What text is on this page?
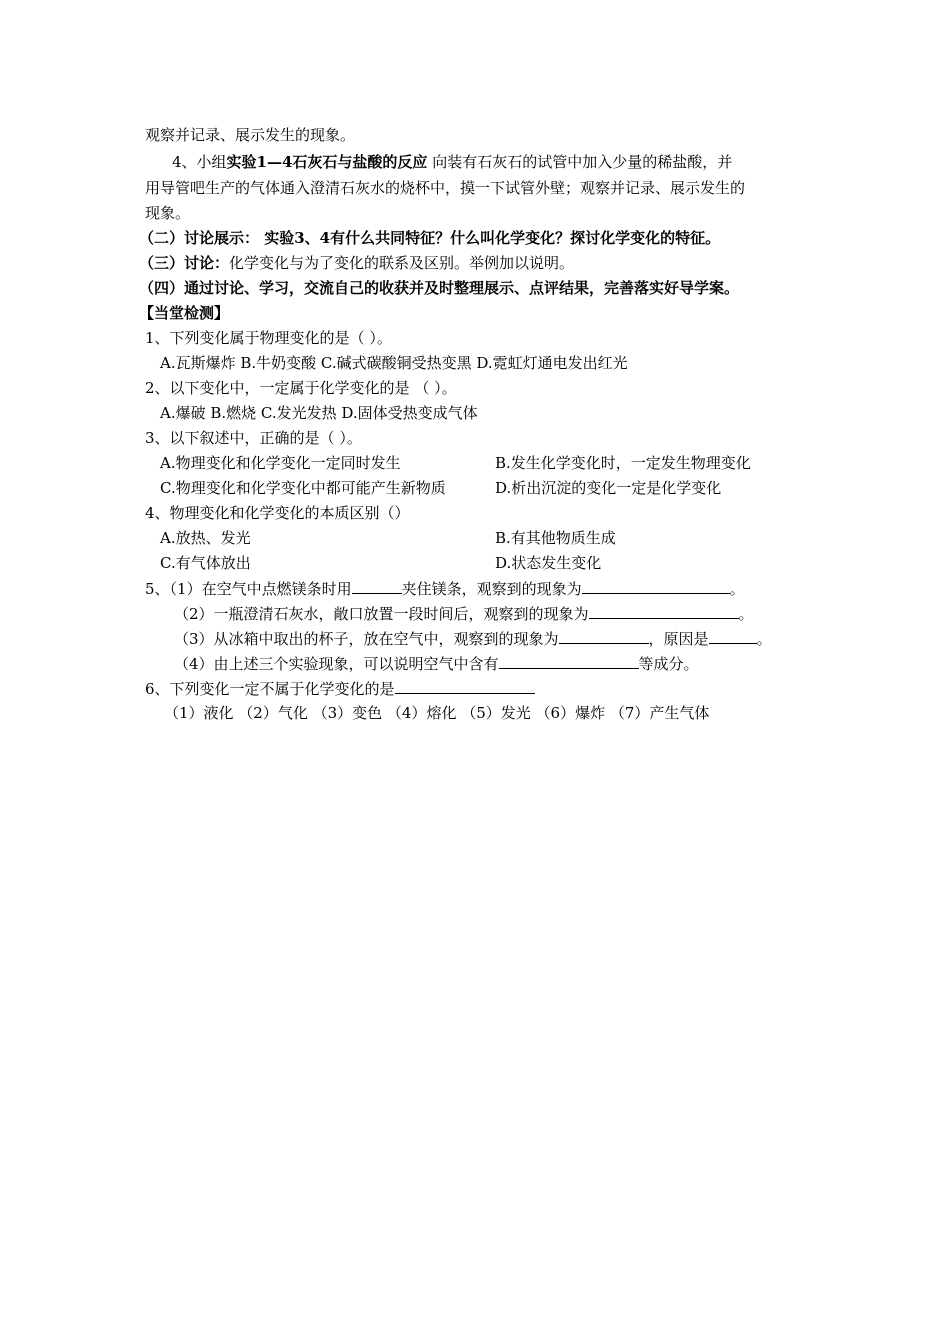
观察并记录、展示发生的现象。
4、小组实验1—4石灰石与盐酸的反应 向装有石灰石的试管中加入少量的稀盐酸，并
用导管吧生产的气体通入澄清石灰水的烧杯中，摸一下试管外壁；观察并记录、展示发生的
现象。
（二）讨论展示： 实验3、4有什么共同特征？什么叫化学变化？探讨化学变化的特征。
（三）讨论：化学变化与为了变化的联系及区别。举例加以说明。
（四）通过讨论、学习，交流自己的收获并及时整理展示、点评结果，完善落实好导学案。
【当堂检测】
1、下列变化属于物理变化的是（ ）。
A.瓦斯爆炸 B.牛奶变酸 C.碱式碳酸铜受热变黑 D.霓虹灯通电发出红光
2、以下变化中，一定属于化学变化的是 （ ）。
A.爆破 B.燃烧 C.发光发热 D.固体受热变成气体
3、以下叙述中，正确的是（ ）。
A.物理变化和化学变化一定同时发生	B.发生化学变化时，一定发生物理变化
C.物理变化和化学变化中都可能产生新物质	D.析出沉淀的变化一定是化学变化
4、物理变化和化学变化的本质区别（）
A.放热、发光	B.有其他物质生成
C.有气体放出	D.状态发生变化
5、（1）在空气中点燃镁条时用	夹住镁条，观察到的现象为	。
（2）一瓶澄清石灰水，敞口放置一段时间后，观察到的现象为	。
（3）从冰箱中取出的杯子，放在空气中，观察到的现象为	，原因是	。
（4）由上述三个实验现象，可以说明空气中含有	等成分。
6、下列变化一定不属于化学变化的是
（1）液化 （2）气化 （3）变色 （4）熔化 （5）发光 （6）爆炸 （7）产生气体
